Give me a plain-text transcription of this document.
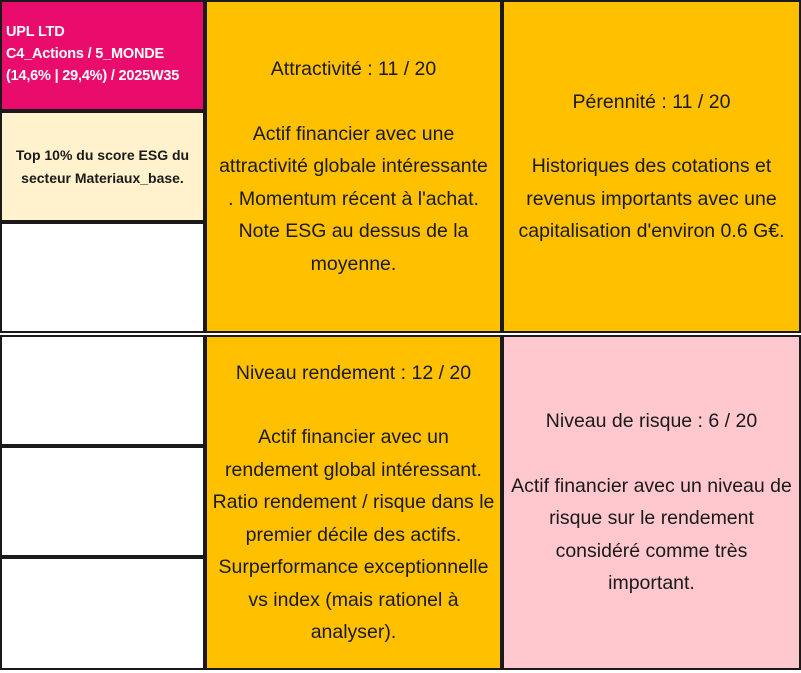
UPL LTD
C4_Actions / 5_MONDE
(14,6% | 29,4%) / 2025W35
Top 10% du score ESG du
secteur Materiaux_base.
Attractivité : 11 / 20
Actif financier avec une
attractivité globale intéressante
. Momentum récent à l'achat.
Note ESG au dessus de la
moyenne.
Pérennité : 11 / 20
Historiques des cotations et
revenus importants avec une
capitalisation d'environ 0.6 G€.
Niveau rendement : 12 / 20
Actif financier avec un
rendement global intéressant.
Ratio rendement / risque dans le
premier décile des actifs.
Surperformance exceptionnelle
vs index (mais rationel à
analyser).
Niveau de risque : 6 / 20
Actif financier avec un niveau de
risque sur le rendement
considéré comme très
important.
